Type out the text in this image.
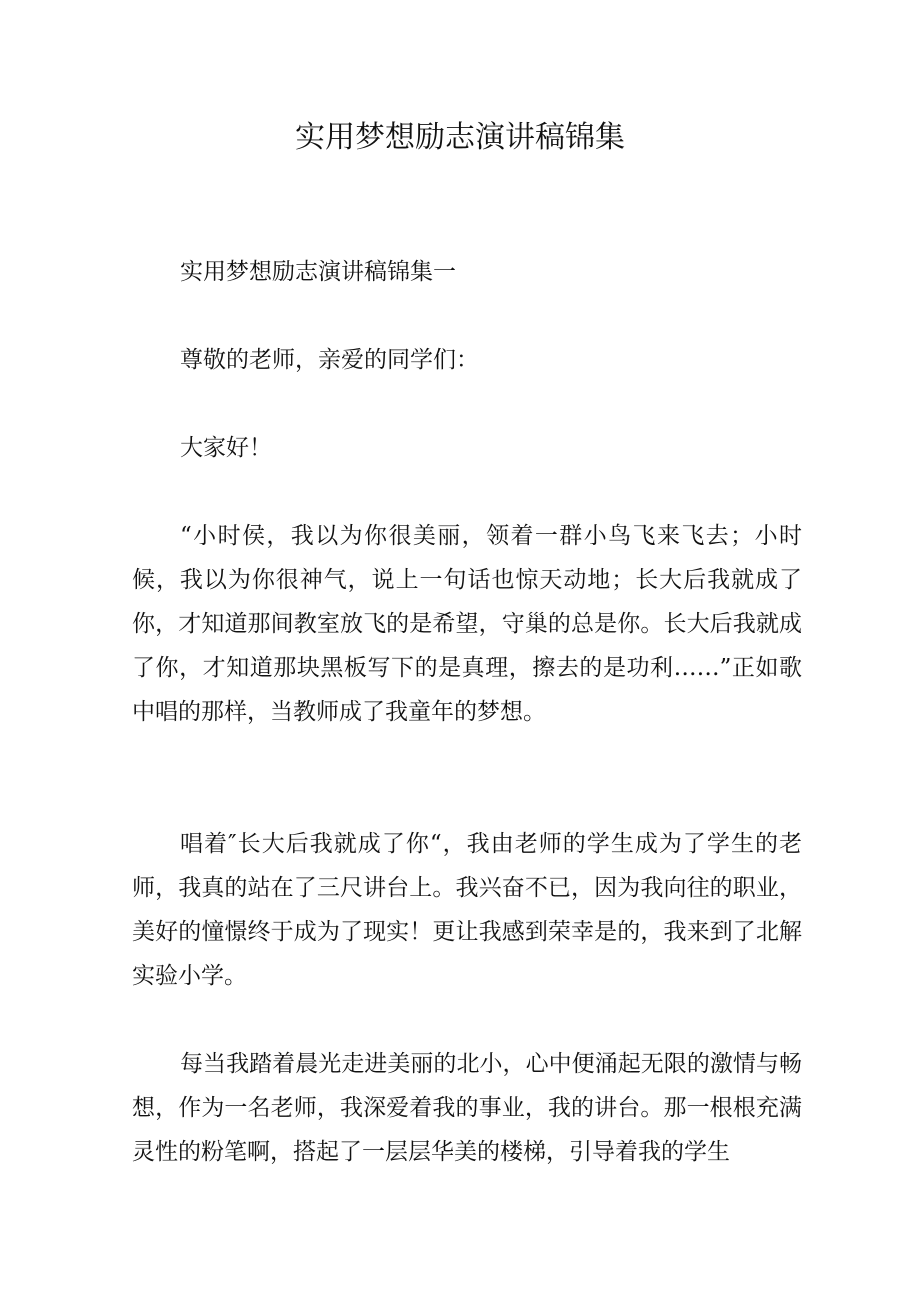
实用梦想励志演讲稿锦集

实用梦想励志演讲稿锦集一

尊敬的老师，亲爱的同学们：

大家好！

“小时侯，我以为你很美丽，领着一群小鸟飞来飞去；小时候，我以为你很神气，说上一句话也惊天动地；长大后我就成了你，才知道那间教室放飞的是希望，守巢的总是你。长大后我就成了你，才知道那块黑板写下的是真理，擦去的是功利……”正如歌中唱的那样，当教师成了我童年的梦想。

唱着″长大后我就成了你“，我由老师的学生成为了学生的老师，我真的站在了三尺讲台上。我兴奋不已，因为我向往的职业，美好的憧憬终于成为了现实！更让我感到荣幸是的，我来到了北解实验小学。

每当我踏着晨光走进美丽的北小，心中便涌起无限的激情与畅想，作为一名老师，我深爱着我的事业，我的讲台。那一根根充满灵性的粉笔啊，搭起了一层层华美的楼梯，引导着我的学生
